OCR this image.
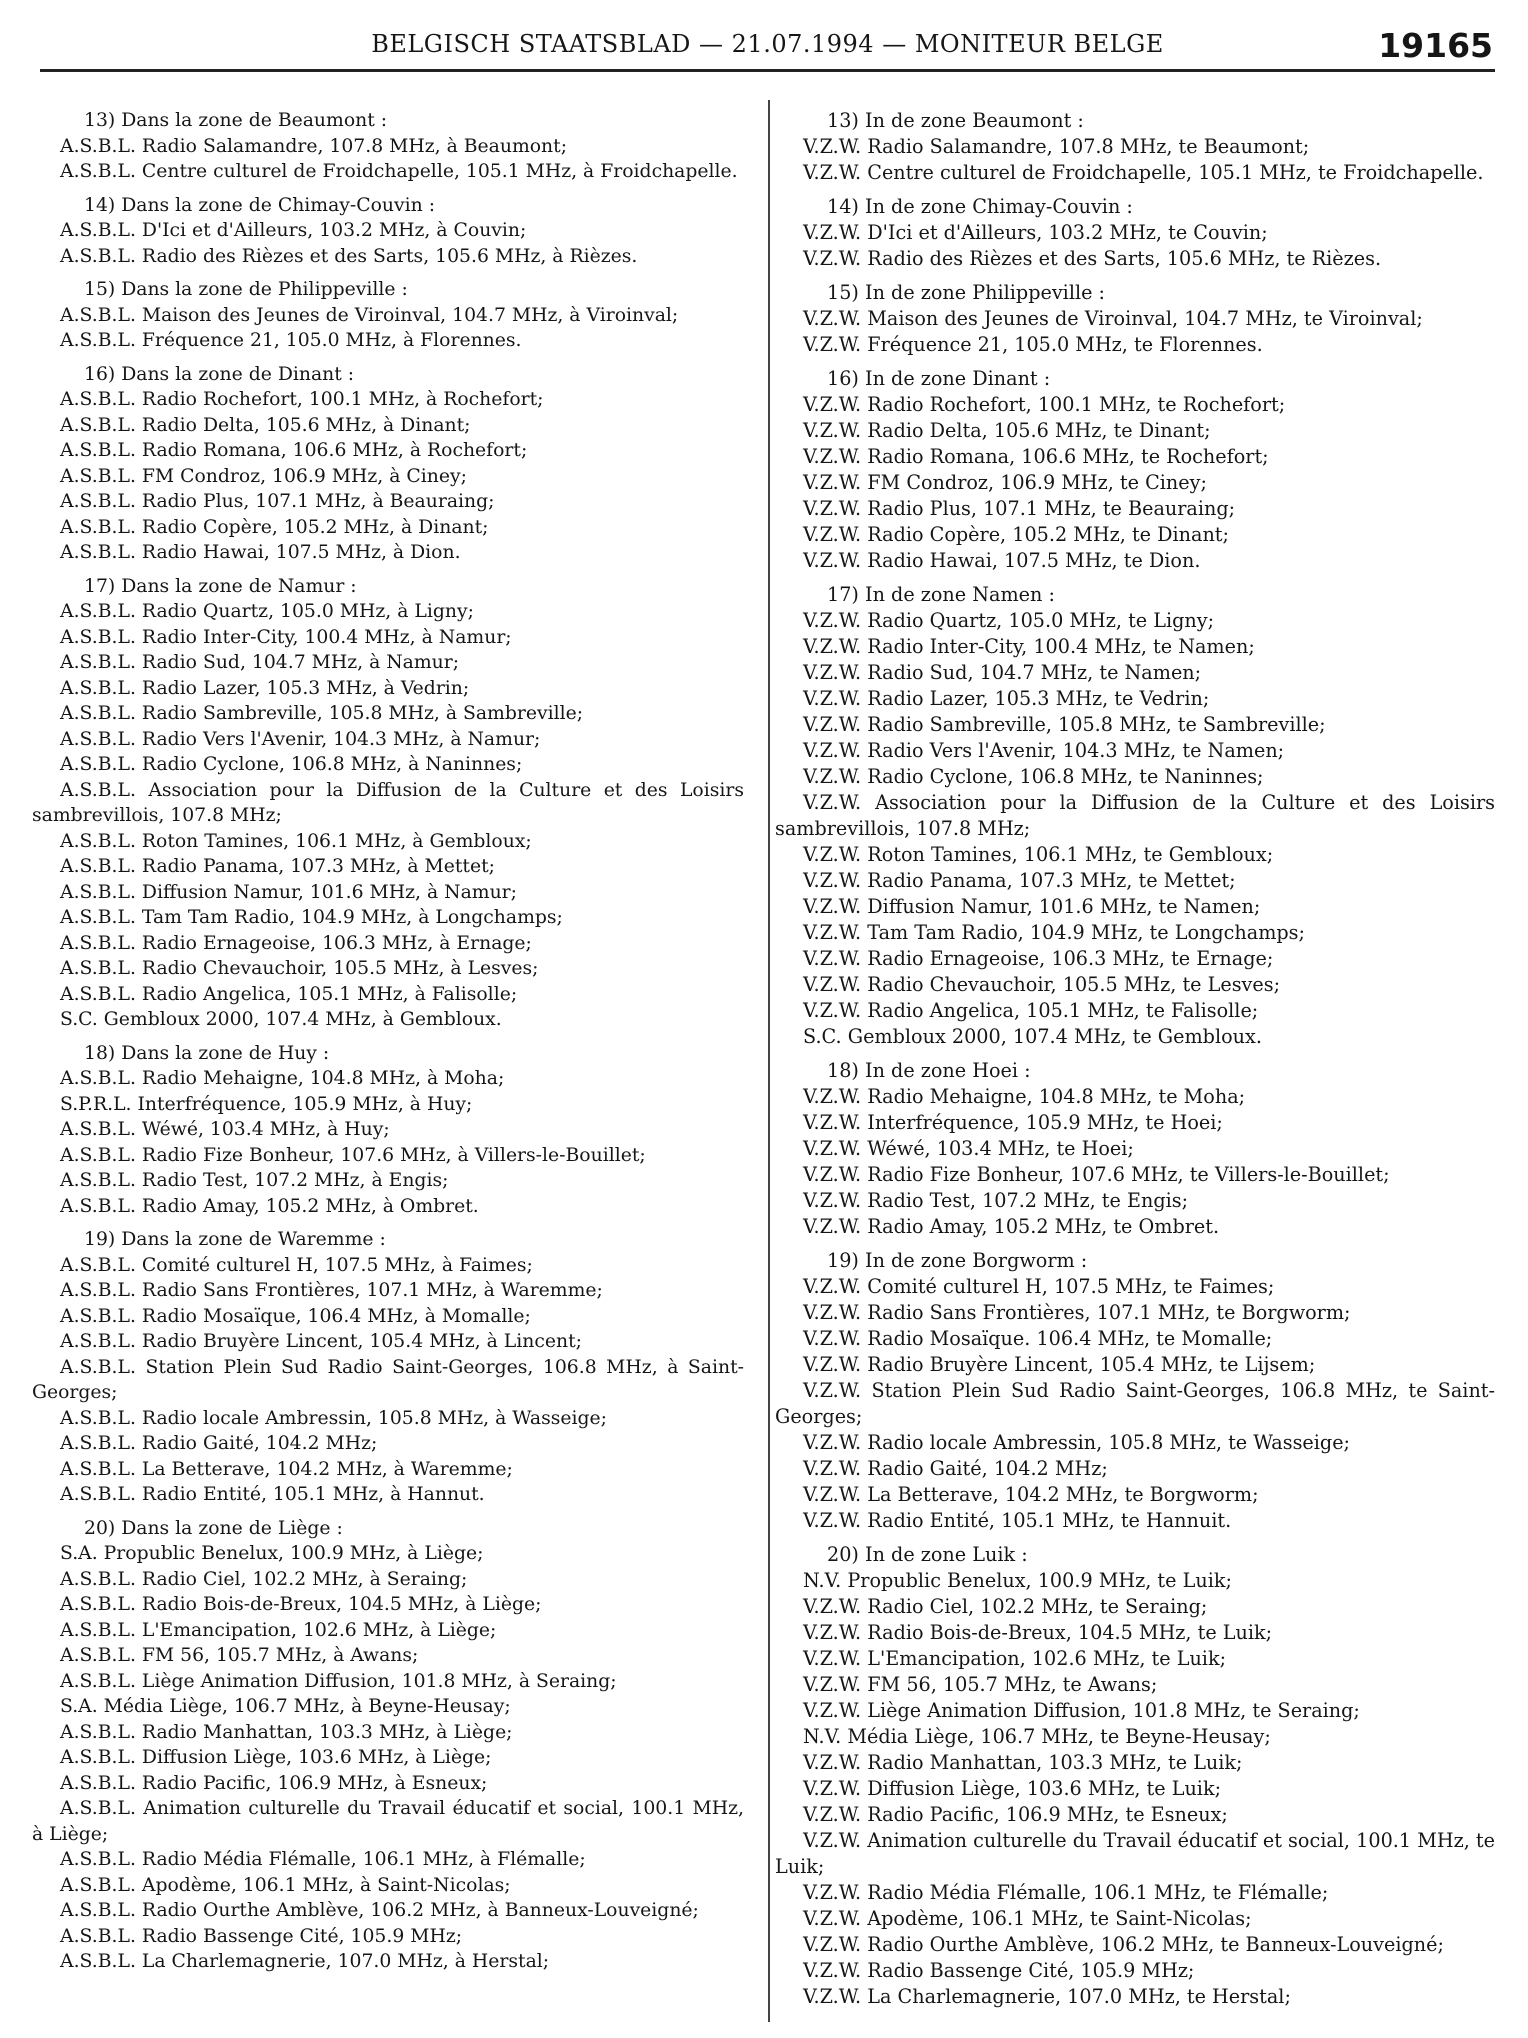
BELGISCH STAATSBLAD — 21.07.1994 — MONITEUR BELGE	19165
13) Dans la zone de Beaumont :
A.S.B.L. Radio Salamandre, 107.8 MHz, à Beaumont;
A.S.B.L. Centre culturel de Froidchapelle, 105.1 MHz, à Froidchapelle.
14) Dans la zone de Chimay-Couvin :
A.S.B.L. D'Ici et d'Ailleurs, 103.2 MHz, à Couvin;
A.S.B.L. Radio des Rièzes et des Sarts, 105.6 MHz, à Rièzes.
15) Dans la zone de Philippeville :
A.S.B.L. Maison des Jeunes de Viroinval, 104.7 MHz, à Viroinval;
A.S.B.L. Fréquence 21, 105.0 MHz, à Florennes.
16) Dans la zone de Dinant :
A.S.B.L. Radio Rochefort, 100.1 MHz, à Rochefort;
A.S.B.L. Radio Delta, 105.6 MHz, à Dinant;
A.S.B.L. Radio Romana, 106.6 MHz, à Rochefort;
A.S.B.L. FM Condroz, 106.9 MHz, à Ciney;
A.S.B.L. Radio Plus, 107.1 MHz, à Beauraing;
A.S.B.L. Radio Copère, 105.2 MHz, à Dinant;
A.S.B.L. Radio Hawai, 107.5 MHz, à Dion.
17) Dans la zone de Namur :
A.S.B.L. Radio Quartz, 105.0 MHz, à Ligny;
A.S.B.L. Radio Inter-City, 100.4 MHz, à Namur;
A.S.B.L. Radio Sud, 104.7 MHz, à Namur;
A.S.B.L. Radio Lazer, 105.3 MHz, à Vedrin;
A.S.B.L. Radio Sambreville, 105.8 MHz, à Sambreville;
A.S.B.L. Radio Vers l'Avenir, 104.3 MHz, à Namur;
A.S.B.L. Radio Cyclone, 106.8 MHz, à Naninnes;
A.S.B.L. Association pour la Diffusion de la Culture et des Loisirs sambrevillois, 107.8 MHz;
A.S.B.L. Roton Tamines, 106.1 MHz, à Gembloux;
A.S.B.L. Radio Panama, 107.3 MHz, à Mettet;
A.S.B.L. Diffusion Namur, 101.6 MHz, à Namur;
A.S.B.L. Tam Tam Radio, 104.9 MHz, à Longchamps;
A.S.B.L. Radio Ernageoise, 106.3 MHz, à Ernage;
A.S.B.L. Radio Chevauchoir, 105.5 MHz, à Lesves;
A.S.B.L. Radio Angelica, 105.1 MHz, à Falisolle;
S.C. Gembloux 2000, 107.4 MHz, à Gembloux.
18) Dans la zone de Huy :
A.S.B.L. Radio Mehaigne, 104.8 MHz, à Moha;
S.P.R.L. Interfréquence, 105.9 MHz, à Huy;
A.S.B.L. Wéwé, 103.4 MHz, à Huy;
A.S.B.L. Radio Fize Bonheur, 107.6 MHz, à Villers-le-Bouillet;
A.S.B.L. Radio Test, 107.2 MHz, à Engis;
A.S.B.L. Radio Amay, 105.2 MHz, à Ombret.
19) Dans la zone de Waremme :
A.S.B.L. Comité culturel H, 107.5 MHz, à Faimes;
A.S.B.L. Radio Sans Frontières, 107.1 MHz, à Waremme;
A.S.B.L. Radio Mosaïque, 106.4 MHz, à Momalle;
A.S.B.L. Radio Bruyère Lincent, 105.4 MHz, à Lincent;
A.S.B.L. Station Plein Sud Radio Saint-Georges, 106.8 MHz, à Saint-Georges;
A.S.B.L. Radio locale Ambressin, 105.8 MHz, à Wasseige;
A.S.B.L. Radio Gaité, 104.2 MHz;
A.S.B.L. La Betterave, 104.2 MHz, à Waremme;
A.S.B.L. Radio Entité, 105.1 MHz, à Hannut.
20) Dans la zone de Liège :
S.A. Propublic Benelux, 100.9 MHz, à Liège;
A.S.B.L. Radio Ciel, 102.2 MHz, à Seraing;
A.S.B.L. Radio Bois-de-Breux, 104.5 MHz, à Liège;
A.S.B.L. L'Emancipation, 102.6 MHz, à Liège;
A.S.B.L. FM 56, 105.7 MHz, à Awans;
A.S.B.L. Liège Animation Diffusion, 101.8 MHz, à Seraing;
S.A. Média Liège, 106.7 MHz, à Beyne-Heusay;
A.S.B.L. Radio Manhattan, 103.3 MHz, à Liège;
A.S.B.L. Diffusion Liège, 103.6 MHz, à Liège;
A.S.B.L. Radio Pacific, 106.9 MHz, à Esneux;
A.S.B.L. Animation culturelle du Travail éducatif et social, 100.1 MHz, à Liège;
A.S.B.L. Radio Média Flémalle, 106.1 MHz, à Flémalle;
A.S.B.L. Apodème, 106.1 MHz, à Saint-Nicolas;
A.S.B.L. Radio Ourthe Amblève, 106.2 MHz, à Banneux-Louveigné;
A.S.B.L. Radio Bassenge Cité, 105.9 MHz;
A.S.B.L. La Charlemagnerie, 107.0 MHz, à Herstal;
13) In de zone Beaumont :
V.Z.W. Radio Salamandre, 107.8 MHz, te Beaumont;
V.Z.W. Centre culturel de Froidchapelle, 105.1 MHz, te Froidchapelle.
14) In de zone Chimay-Couvin :
V.Z.W. D'Ici et d'Ailleurs, 103.2 MHz, te Couvin;
V.Z.W. Radio des Rièzes et des Sarts, 105.6 MHz, te Rièzes.
15) In de zone Philippeville :
V.Z.W. Maison des Jeunes de Viroinval, 104.7 MHz, te Viroinval;
V.Z.W. Fréquence 21, 105.0 MHz, te Florennes.
16) In de zone Dinant :
V.Z.W. Radio Rochefort, 100.1 MHz, te Rochefort;
V.Z.W. Radio Delta, 105.6 MHz, te Dinant;
V.Z.W. Radio Romana, 106.6 MHz, te Rochefort;
V.Z.W. FM Condroz, 106.9 MHz, te Ciney;
V.Z.W. Radio Plus, 107.1 MHz, te Beauraing;
V.Z.W. Radio Copère, 105.2 MHz, te Dinant;
V.Z.W. Radio Hawai, 107.5 MHz, te Dion.
17) In de zone Namen :
V.Z.W. Radio Quartz, 105.0 MHz, te Ligny;
V.Z.W. Radio Inter-City, 100.4 MHz, te Namen;
V.Z.W. Radio Sud, 104.7 MHz, te Namen;
V.Z.W. Radio Lazer, 105.3 MHz, te Vedrin;
V.Z.W. Radio Sambreville, 105.8 MHz, te Sambreville;
V.Z.W. Radio Vers l'Avenir, 104.3 MHz, te Namen;
V.Z.W. Radio Cyclone, 106.8 MHz, te Naninnes;
V.Z.W. Association pour la Diffusion de la Culture et des Loisirs sambrevillois, 107.8 MHz;
V.Z.W. Roton Tamines, 106.1 MHz, te Gembloux;
V.Z.W. Radio Panama, 107.3 MHz, te Mettet;
V.Z.W. Diffusion Namur, 101.6 MHz, te Namen;
V.Z.W. Tam Tam Radio, 104.9 MHz, te Longchamps;
V.Z.W. Radio Ernageoise, 106.3 MHz, te Ernage;
V.Z.W. Radio Chevauchoir, 105.5 MHz, te Lesves;
V.Z.W. Radio Angelica, 105.1 MHz, te Falisolle;
S.C. Gembloux 2000, 107.4 MHz, te Gembloux.
18) In de zone Hoei :
V.Z.W. Radio Mehaigne, 104.8 MHz, te Moha;
V.Z.W. Interfréquence, 105.9 MHz, te Hoei;
V.Z.W. Wéwé, 103.4 MHz, te Hoei;
V.Z.W. Radio Fize Bonheur, 107.6 MHz, te Villers-le-Bouillet;
V.Z.W. Radio Test, 107.2 MHz, te Engis;
V.Z.W. Radio Amay, 105.2 MHz, te Ombret.
19) In de zone Borgworm :
V.Z.W. Comité culturel H, 107.5 MHz, te Faimes;
V.Z.W. Radio Sans Frontières, 107.1 MHz, te Borgworm;
V.Z.W. Radio Mosaïque. 106.4 MHz, te Momalle;
V.Z.W. Radio Bruyère Lincent, 105.4 MHz, te Lijsem;
V.Z.W. Station Plein Sud Radio Saint-Georges, 106.8 MHz, te Saint-Georges;
V.Z.W. Radio locale Ambressin, 105.8 MHz, te Wasseige;
V.Z.W. Radio Gaité, 104.2 MHz;
V.Z.W. La Betterave, 104.2 MHz, te Borgworm;
V.Z.W. Radio Entité, 105.1 MHz, te Hannuit.
20) In de zone Luik :
N.V. Propublic Benelux, 100.9 MHz, te Luik;
V.Z.W. Radio Ciel, 102.2 MHz, te Seraing;
V.Z.W. Radio Bois-de-Breux, 104.5 MHz, te Luik;
V.Z.W. L'Emancipation, 102.6 MHz, te Luik;
V.Z.W. FM 56, 105.7 MHz, te Awans;
V.Z.W. Liège Animation Diffusion, 101.8 MHz, te Seraing;
N.V. Média Liège, 106.7 MHz, te Beyne-Heusay;
V.Z.W. Radio Manhattan, 103.3 MHz, te Luik;
V.Z.W. Diffusion Liège, 103.6 MHz, te Luik;
V.Z.W. Radio Pacific, 106.9 MHz, te Esneux;
V.Z.W. Animation culturelle du Travail éducatif et social, 100.1 MHz, te Luik;
V.Z.W. Radio Média Flémalle, 106.1 MHz, te Flémalle;
V.Z.W. Apodème, 106.1 MHz, te Saint-Nicolas;
V.Z.W. Radio Ourthe Amblève, 106.2 MHz, te Banneux-Louveigné;
V.Z.W. Radio Bassenge Cité, 105.9 MHz;
V.Z.W. La Charlemagnerie, 107.0 MHz, te Herstal;
